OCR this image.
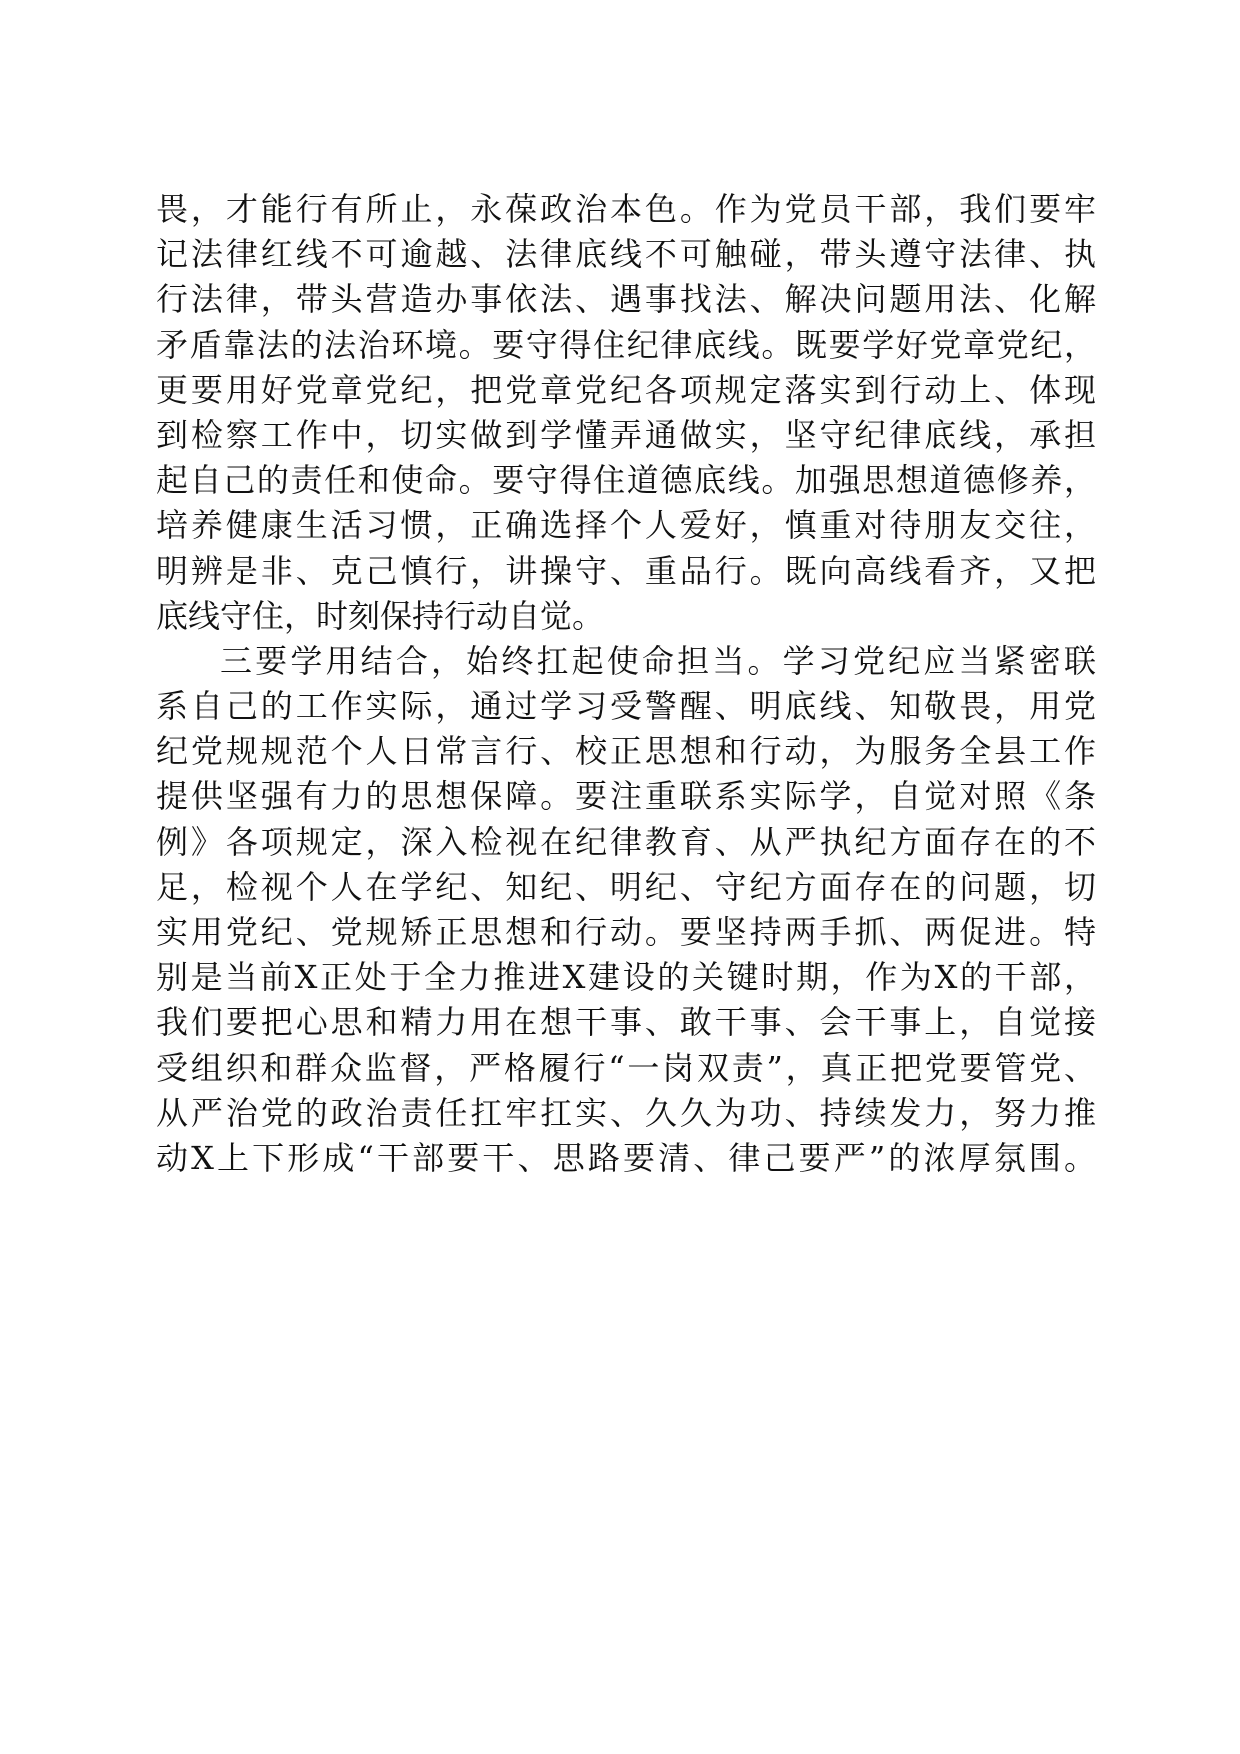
畏，才能行有所止，永葆政治本色。作为党员干部，我们要牢
记法律红线不可逾越、法律底线不可触碰，带头遵守法律、执
行法律，带头营造办事依法、遇事找法、解决问题用法、化解
矛盾靠法的法治环境。要守得住纪律底线。既要学好党章党纪，
更要用好党章党纪，把党章党纪各项规定落实到行动上、体现
到检察工作中，切实做到学懂弄通做实，坚守纪律底线，承担
起自己的责任和使命。要守得住道德底线。加强思想道德修养，
培养健康生活习惯，正确选择个人爱好，慎重对待朋友交往，
明辨是非、克己慎行，讲操守、重品行。既向高线看齐，又把
底线守住，时刻保持行动自觉。
三要学用结合，始终扛起使命担当。学习党纪应当紧密联
系自己的工作实际，通过学习受警醒、明底线、知敬畏，用党
纪党规规范个人日常言行、校正思想和行动，为服务全县工作
提供坚强有力的思想保障。要注重联系实际学，自觉对照《条
例》各项规定，深入检视在纪律教育、从严执纪方面存在的不
足，检视个人在学纪、知纪、明纪、守纪方面存在的问题，切
实用党纪、党规矫正思想和行动。要坚持两手抓、两促进。特
别是当前X正处于全力推进X建设的关键时期，作为X的干部，
我们要把心思和精力用在想干事、敢干事、会干事上，自觉接
受组织和群众监督，严格履行“一岗双责”，真正把党要管党、
从严治党的政治责任扛牢扛实、久久为功、持续发力，努力推
动X上下形成“干部要干、思路要清、律己要严”的浓厚氛围。
